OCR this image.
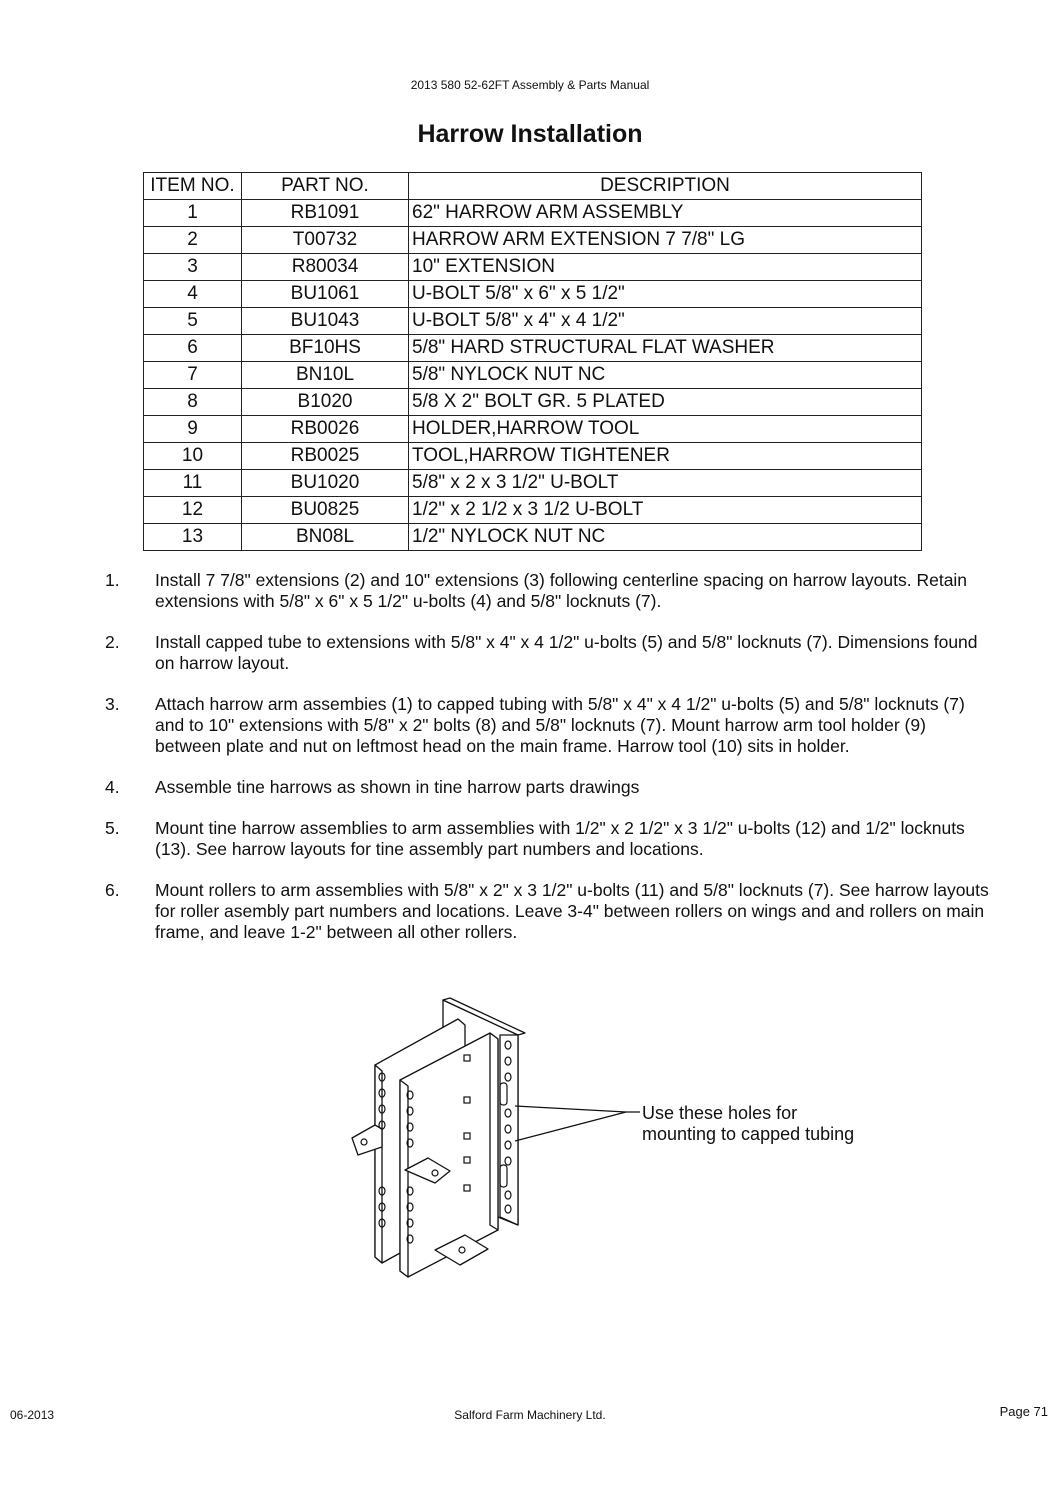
2013 580 52-62FT Assembly & Parts Manual
Harrow Installation
ITEM NO.	PART NO.	DESCRIPTION
1	RB1091	62" HARROW ARM ASSEMBLY
2	T00732	HARROW ARM EXTENSION 7 7/8" LG
3	R80034	10" EXTENSION
4	BU1061	U-BOLT 5/8" x 6" x 5 1/2"
5	BU1043	U-BOLT 5/8" x 4" x 4 1/2"
6	BF10HS	5/8" HARD STRUCTURAL FLAT WASHER
7	BN10L	5/8" NYLOCK NUT NC
8	B1020	5/8 X 2" BOLT GR. 5 PLATED
9	RB0026	HOLDER,HARROW TOOL
10	RB0025	TOOL,HARROW TIGHTENER
11	BU1020	5/8" x 2 x 3 1/2" U-BOLT
12	BU0825	1/2" x 2 1/2 x 3 1/2 U-BOLT
13	BN08L	1/2" NYLOCK NUT NC
1.	Install 7 7/8" extensions (2) and 10" extensions (3) following centerline spacing on harrow layouts. Retain extensions with 5/8" x 6" x 5 1/2" u-bolts (4) and 5/8" locknuts (7).
2.	Install capped tube to extensions with 5/8" x 4" x 4 1/2" u-bolts (5) and 5/8" locknuts (7). Dimensions found on harrow layout.
3.	Attach harrow arm assembies (1) to capped tubing with 5/8" x 4" x 4 1/2" u-bolts (5) and 5/8" locknuts (7) and to 10" extensions with 5/8" x 2" bolts (8) and 5/8" locknuts (7). Mount harrow arm tool holder (9) between plate and nut on leftmost head on the main frame. Harrow tool (10) sits in holder.
4.	Assemble tine harrows as shown in tine harrow parts drawings
5.	Mount tine harrow assemblies to arm assemblies with 1/2" x 2 1/2" x 3 1/2" u-bolts (12) and 1/2" locknuts (13). See harrow layouts for tine assembly part numbers and locations.
6.	Mount rollers to arm assemblies with 5/8" x 2" x 3 1/2" u-bolts (11) and 5/8" locknuts (7). See harrow layouts for roller asembly part numbers and locations. Leave 3-4" between rollers on wings and and rollers on main frame, and leave 1-2" between all other rollers.
Use these holes for
mounting to capped tubing
06-2013	Salford Farm Machinery Ltd.	Page 71
